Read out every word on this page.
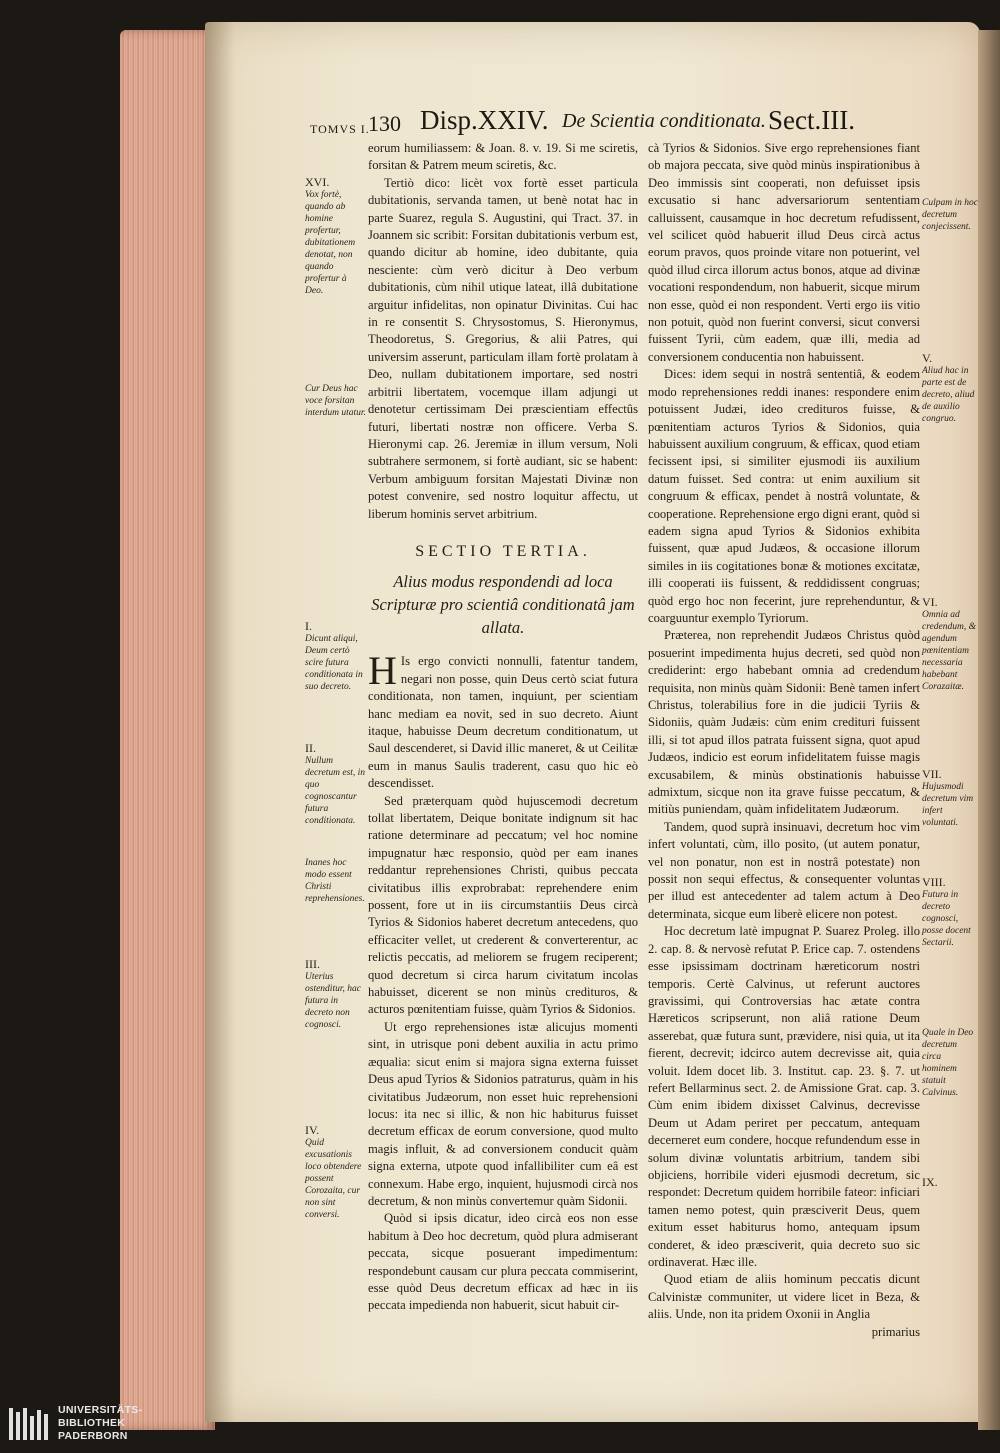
TOMVS I.
130 Disp.XXIV. De Scientia conditionata. Sect.III.

eorum humiliassem: & Joan. 8. v. 19. Si me sciretis, forsitan & Patrem meum sciretis, &c.

Tertiò dico: licèt vox fortè esset particula dubitationis, servanda tamen, ut benè notat hac in parte Suarez, regula S. Augustini, qui Tract. 37. in Joannem sic scribit: Forsitan dubitationis verbum est, quando dicitur ab homine, ideo dubitante, quia nesciente: cùm verò dicitur à Deo verbum dubitationis, cùm nihil utique lateat, illâ dubitatione arguitur infidelitas, non opinatur Divinitas. Cui hac in re consentit S. Chrysostomus, S. Hieronymus, Theodoretus, S. Gregorius, & alii Patres, qui universim asserunt, particulam illam fortè prolatam à Deo, nullam dubitationem importare, sed nostri arbitrii libertatem, vocemque illam adjungi ut denotetur certissimam Dei præscientiam effectûs futuri, libertati nostræ non officere. Verba S. Hieronymi cap. 26. Jeremiæ in illum versum, Noli subtrahere sermonem, si fortè audiant, sic se habent: Verbum ambiguum forsitan Majestati Divinæ non potest convenire, sed nostro loquitur affectu, ut liberum hominis servet arbitrium.

SECTIO TERTIA.
Alius modus respondendi ad loca Scripturæ pro scientiâ conditionatâ jam allata.

H Is ergo convicti nonnulli, fatentur tandem, negari non posse, quin Deus certò sciat futura conditionata, non tamen, inquiunt, per scientiam hanc mediam ea novit, sed in suo decreto. Aiunt itaque, habuisse Deum decretum conditionatum, ut Saul descenderet, si David illic maneret, & ut Ceilitæ eum in manus Saulis traderent, casu quo hic eò descendisset.

Sed præterquam quòd hujuscemodi decretum tollat libertatem, Deique bonitate indignum sit hac ratione determinare ad peccatum; vel hoc nomine impugnatur hæc responsio, quòd per eam inanes reddantur reprehensiones Christi, quibus peccata civitatibus illis exprobrabat: reprehendere enim possent, fore ut in iis circumstantiis Deus circà Tyrios & Sidonios haberet decretum antecedens, quo efficaciter vellet, ut crederent & converterentur, ac relictis peccatis, ad meliorem se frugem reciperent; quod decretum si circa harum civitatum incolas habuisset, dicerent se non minùs credituros, & acturos pœnitentiam fuisse, quàm Tyrios & Sidonios.

Ut ergo reprehensiones istæ alicujus momenti sint, in utrisque poni debent auxilia in actu primo æqualia: sicut enim si majora signa externa fuisset Deus apud Tyrios & Sidonios patraturus, quàm in his civitatibus Judæorum, non esset huic reprehensioni locus: ita nec si illic, & non hic habiturus fuisset decretum efficax de eorum conversione, quod multo magis influit, & ad conversionem conducit quàm signa externa, utpote quod infallibiliter cum eâ est connexum. Habe ergo, inquient, hujusmodi circà nos decretum, & non minùs convertemur quàm Sidonii.

Quòd si ipsis dicatur, ideo circà eos non esse habitum à Deo hoc decretum, quòd plura admiserant peccata, sicque posuerant impedimentum: respondebunt causam cur plura peccata commiserint, esse quòd Deus decretum efficax ad hæc in iis peccata impedienda non habuerit, sicut habuit cir-

cà Tyrios & Sidonios. Sive ergo reprehensiones fiant ob majora peccata, sive quòd minùs inspirationibus à Deo immissis sint cooperati, non defuisset ipsis excusatio si hanc adversariorum sententiam calluissent, causamque in hoc decretum refudissent, vel scilicet quòd habuerit illud Deus circà actus eorum pravos, quos proinde vitare non potuerint, vel quòd illud circa illorum actus bonos, atque ad divinæ vocationi respondendum, non habuerit, sicque mirum non esse, quòd ei non respondent. Verti ergo iis vitio non potuit, quòd non fuerint conversi, sicut conversi fuissent Tyrii, cùm eadem, quæ illi, media ad conversionem conducentia non habuissent.

Dices: idem sequi in nostrâ sententiâ, & eodem modo reprehensiones reddi inanes: respondere enim potuissent Judæi, ideo credituros fuisse, & pœnitentiam acturos Tyrios & Sidonios, quia habuissent auxilium congruum, & efficax, quod etiam fecissent ipsi, si similiter ejusmodi iis auxilium datum fuisset. Sed contra: ut enim auxilium sit congruum & efficax, pendet à nostrâ voluntate, & cooperatione. Reprehensione ergo digni erant, quòd si eadem signa apud Tyrios & Sidonios exhibita fuissent, quæ apud Judæos, & occasione illorum similes in iis cogitationes bonæ & motiones excitatæ, illi cooperati iis fuissent, & reddidissent congruas; quòd ergo hoc non fecerint, jure reprehenduntur, & coarguuntur exemplo Tyriorum.

Præterea, non reprehendit Judæos Christus quòd posuerint impedimenta hujus decreti, sed quòd non crediderint: ergo habebant omnia ad credendum requisita, non minùs quàm Sidonii: Benè tamen infert Christus, tolerabilius fore in die judicii Tyriis & Sidoniis, quàm Judæis: cùm enim credituri fuissent illi, si tot apud illos patrata fuissent signa, quot apud Judæos, indicio est eorum infidelitatem fuisse magis excusabilem, & minùs obstinationis habuisse admixtum, sicque non ita grave fuisse peccatum, & mitiùs puniendam, quàm infidelitatem Judæorum.

Tandem, quod suprà insinuavi, decretum hoc vim infert voluntati, cùm, illo posito, (ut autem ponatur, vel non ponatur, non est in nostrâ potestate) non possit non sequi effectus, & consequenter voluntas per illud est antecedenter ad talem actum à Deo determinata, sicque eum liberè elicere non potest.

Hoc decretum latè impugnat P. Suarez Proleg. illo 2. cap. 8. & nervosè refutat P. Erice cap. 7. ostendens esse ipsissimam doctrinam hæreticorum nostri temporis. Certè Calvinus, ut referunt auctores gravissimi, qui Controversias hac ætate contra Hæreticos scripserunt, non aliâ ratione Deum asserebat, quæ futura sunt, prævidere, nisi quia, ut ita fierent, decrevit; idcirco autem decrevisse ait, quia voluit. Idem docet lib. 3. Institut. cap. 23. §. 7. ut refert Bellarminus sect. 2. de Amissione Grat. cap. 3. Cùm enim ibidem dixisset Calvinus, decrevisse Deum ut Adam periret per peccatum, antequam decerneret eum condere, hocque refundendum esse in solum divinæ voluntatis arbitrium, tandem sibi objiciens, horribile videri ejusmodi decretum, sic respondet: Decretum quidem horribile fateor: inficiari tamen nemo potest, quin præsciverit Deus, quem exitum esset habiturus homo, antequam ipsum conderet, & ideo præsciverit, quia decreto suo sic ordinaverat. Hæc ille.

Quod etiam de aliis hominum peccatis dicunt Calvinistæ communiter, ut videre licet in Beza, & aliis. Unde, non ita pridem Oxonii in Anglia

primarius

XVI.
Vox fortè, quando ab homine profertur, dubitationem denotat, non quando profertur à Deo.
Cur Deus hac voce forsitan interdum utatur.
I.
Dicunt aliqui, Deum certò scire futura conditionata in suo decreto.
II.
Nullum decretum est, in quo cognoscantur futura conditionata.
Inanes hoc modo essent Christi reprehensiones.
III.
Uterius ostenditur, hac futura in decreto non cognosci.
IV.
Quid excusationis loco obtendere possent Corozaita, cur non sint conversi.
Culpam in hoc decretum conjecissent.
V.
Aliud hac in parte est de decreto, aliud de auxilio congruo.
VI.
Omnia ad credendum, & agendum pœnitentiam necessaria habebant Corazaitæ.
VII.
Hujusmodi decretum vim infert voluntati.
VIII.
Futura in decreto cognosci, posse docent Sectarii.
Quale in Deo decretum circa hominem statuit Calvinus.
IX.
UNIVERSITÄTS-
BIBLIOTHEK
PADERBORN
